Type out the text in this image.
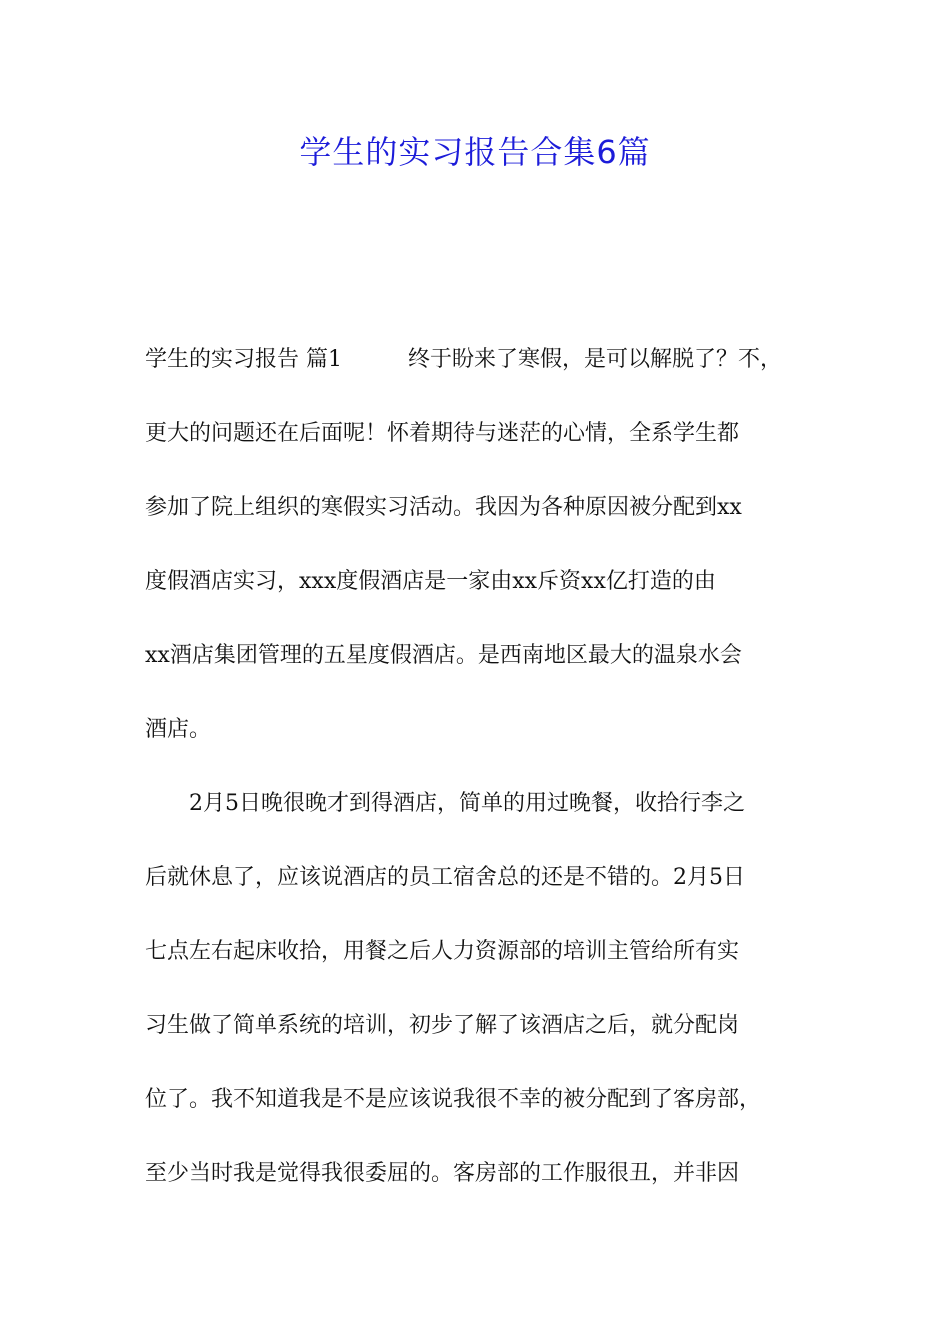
学生的实习报告合集6篇

学生的实习报告 篇1　　　终于盼来了寒假，是可以解脱了？不，

更大的问题还在后面呢！怀着期待与迷茫的心情，全系学生都

参加了院上组织的寒假实习活动。我因为各种原因被分配到xx

度假酒店实习，xxx度假酒店是一家由xx斥资xx亿打造的由

xx酒店集团管理的五星度假酒店。是西南地区最大的温泉水会

酒店。

　　2月5日晚很晚才到得酒店，简单的用过晚餐，收拾行李之

后就休息了，应该说酒店的员工宿舍总的还是不错的。2月5日

七点左右起床收拾，用餐之后人力资源部的培训主管给所有实

习生做了简单系统的培训，初步了解了该酒店之后，就分配岗

位了。我不知道我是不是应该说我很不幸的被分配到了客房部，

至少当时我是觉得我很委屈的。客房部的工作服很丑，并非因
